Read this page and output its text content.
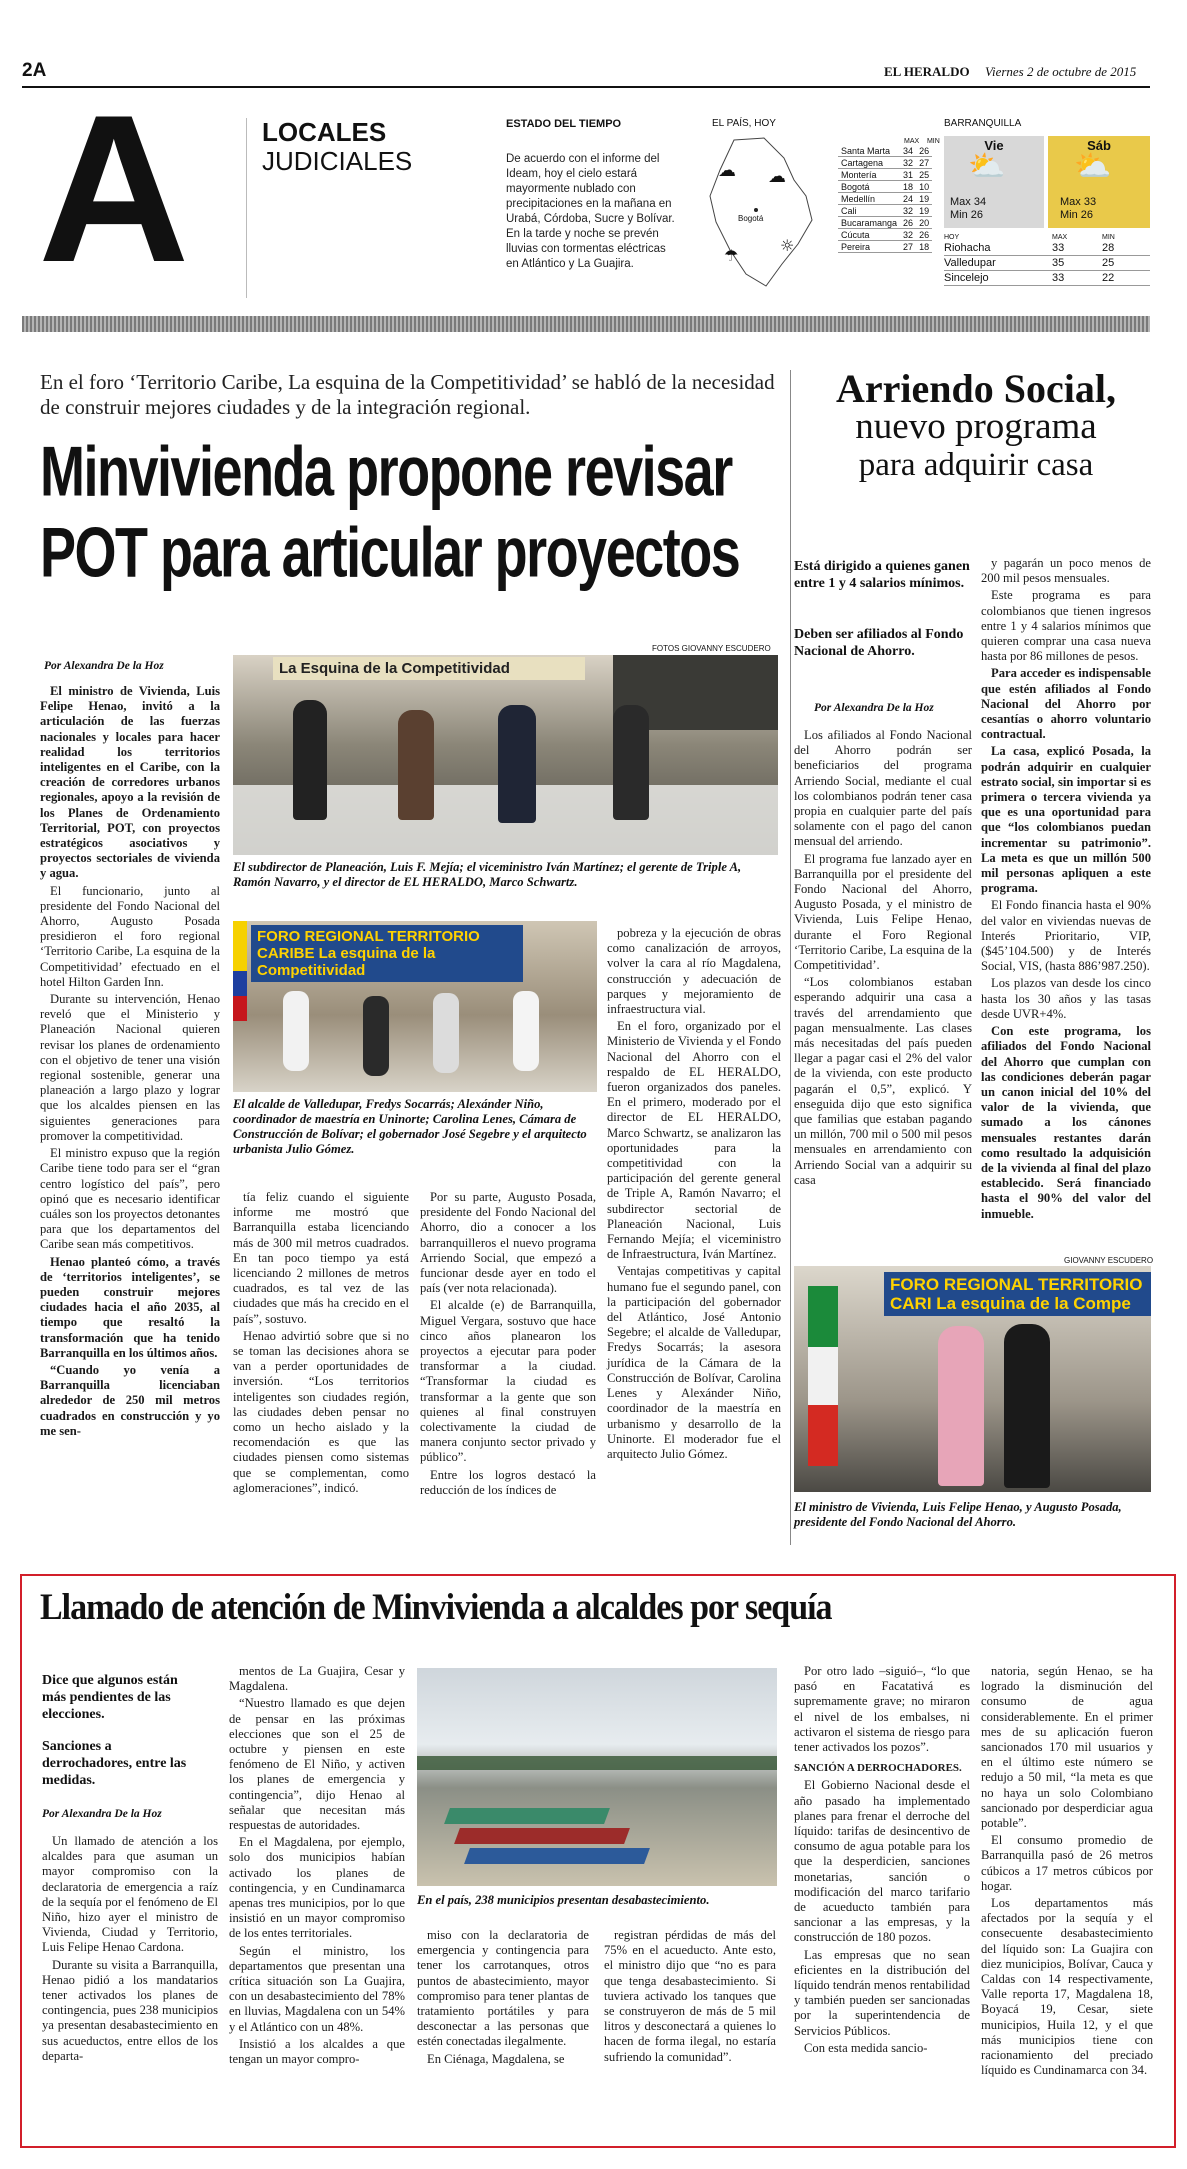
2A	EL HERALDO Viernes 2 de octubre de 2015
A	LOCALES
JUDICIALES
ESTADO DEL TIEMPO
De acuerdo con el informe del Ideam, hoy el cielo estará mayormente nublado con precipitaciones en la mañana en Urabá, Córdoba, Sucre y Bolívar. En la tarde y noche se prevén lluvias con tormentas eléctricas en Atlántico y La Guajira.
EL PAÍS, HOY
Bogotá
☁ ☁
☂
☼
MAX MIN
Santa Marta	34	26
Cartagena	32	27
Montería	31	25
Bogotá	18	10
Medellín	24	19
Cali	32	19
Bucaramanga	26	20
Cúcuta	32	26
Pereira	27	18
BARRANQUILLA
Vie
⛅
Max 34
Min 26
Sáb
⛅
Max 33
Min 26
HOY	MAX	MIN
Riohacha	33	28
Valledupar	35	25
Sincelejo	33	22
En el foro ‘Territorio Caribe, La esquina de la Competitividad’ se habló de la necesidad de construir mejores ciudades y de la integración regional.
Minvivienda propone revisar
POT para articular proyectos
FOTOS GIOVANNY ESCUDERO
La Esquina de la Competitividad
El subdirector de Planeación, Luis F. Mejía; el viceministro Iván Martínez; el gerente de Triple A, Ramón Navarro, y el director de EL HERALDO, Marco Schwartz.
Por Alexandra De la Hoz

El ministro de Vivienda, Luis Felipe Henao, invitó a la articulación de las fuerzas nacionales y locales para hacer realidad los territorios inteligentes en el Caribe, con la creación de corredores urbanos regionales, apoyo a la revisión de los Planes de Ordenamiento Territorial, POT, con proyectos estratégicos asociativos y proyectos sectoriales de vivienda y agua.

El funcionario, junto al presidente del Fondo Nacional del Ahorro, Augusto Posada presidieron el foro regional ‘Territorio Caribe, La esquina de la Competitividad’ efectuado en el hotel Hilton Garden Inn.

Durante su intervención, Henao reveló que el Ministerio y Planeación Nacional quieren revisar los planes de ordenamiento con el objetivo de tener una visión regional sostenible, generar una planeación a largo plazo y lograr que los alcaldes piensen en las siguientes generaciones para promover la competitividad.

El ministro expuso que la región Caribe tiene todo para ser el “gran centro logístico del país”, pero opinó que es necesario identificar cuáles son los proyectos detonantes para que los departamentos del Caribe sean más competitivos.

Henao planteó cómo, a través de ‘territorios inteligentes’, se pueden construir mejores ciudades hacia el año 2035, al tiempo que resaltó la transformación que ha tenido Barranquilla en los últimos años.

“Cuando yo venía a Barranquilla licenciaban alrededor de 250 mil metros cuadrados en construcción y yo me sen-

FORO REGIONAL TERRITORIO CARIBE La esquina de la Competitividad
El alcalde de Valledupar, Fredys Socarrás; Alexánder Niño, coordinador de maestría en Uninorte; Carolina Lenes, Cámara de Construcción de Bolívar; el gobernador José Segebre y el arquitecto urbanista Julio Gómez.

tía feliz cuando el siguiente informe me mostró que Barranquilla estaba licenciando más de 300 mil metros cuadrados. En tan poco tiempo ya está licenciando 2 millones de metros cuadrados, es tal vez de las ciudades que más ha crecido en el país”, sostuvo.

Henao advirtió sobre que si no se toman las decisiones ahora se van a perder oportunidades de inversión. “Los territorios inteligentes son ciudades región, las ciudades deben pensar no como un hecho aislado y la recomendación es que las ciudades piensen como sistemas que se complementan, como aglomeraciones”, indicó.

Por su parte, Augusto Posada, presidente del Fondo Nacional del Ahorro, dio a conocer a los barranquilleros el nuevo programa Arriendo Social, que empezó a funcionar desde ayer en todo el país (ver nota relacionada).

El alcalde (e) de Barranquilla, Miguel Vergara, sostuvo que hace cinco años planearon los proyectos a ejecutar para poder transformar a la ciudad. “Transformar la ciudad es transformar a la gente que son quienes al final construyen colectivamente la ciudad de manera conjunto sector privado y público”.

Entre los logros destacó la reducción de los índices de

pobreza y la ejecución de obras como canalización de arroyos, volver la cara al río Magdalena, construcción y adecuación de parques y mejoramiento de infraestructura vial.

En el foro, organizado por el Ministerio de Vivienda y el Fondo Nacional del Ahorro con el respaldo de EL HERALDO, fueron organizados dos paneles. En el primero, moderado por el director de EL HERALDO, Marco Schwartz, se analizaron las oportunidades para la competitividad con la participación del gerente general de Triple A, Ramón Navarro; el subdirector sectorial de Planeación Nacional, Luis Fernando Mejía; el viceministro de Infraestructura, Iván Martínez.

Ventajas competitivas y capital humano fue el segundo panel, con la participación del gobernador del Atlántico, José Antonio Segebre; el alcalde de Valledupar, Fredys Socarrás; la asesora jurídica de la Cámara de la Construcción de Bolívar, Carolina Lenes y Alexánder Niño, coordinador de la maestría en urbanismo y desarrollo de la Uninorte. El moderador fue el arquitecto Julio Gómez.

Arriendo Social,
nuevo programa
para adquirir casa
Está dirigido a quienes ganen entre 1 y 4 salarios mínimos.
Deben ser afiliados al Fondo Nacional de Ahorro.
Por Alexandra De la Hoz

Los afiliados al Fondo Nacional del Ahorro podrán ser beneficiarios del programa Arriendo Social, mediante el cual los colombianos podrán tener casa propia en cualquier parte del país solamente con el pago del canon mensual del arriendo.

El programa fue lanzado ayer en Barranquilla por el presidente del Fondo Nacional del Ahorro, Augusto Posada, y el ministro de Vivienda, Luis Felipe Henao, durante el Foro Regional ‘Territorio Caribe, La esquina de la Competitividad’.

“Los colombianos estaban esperando adquirir una casa a través del arrendamiento que pagan mensualmente. Las clases más necesitadas del país pueden llegar a pagar casi el 2% del valor de la vivienda, con este producto pagarán el 0,5”, explicó. Y enseguida dijo que esto significa que familias que estaban pagando un millón, 700 mil o 500 mil pesos mensuales en arrendamiento con Arriendo Social van a adquirir su casa

y pagarán un poco menos de 200 mil pesos mensuales.

Este programa es para colombianos que tienen ingresos entre 1 y 4 salarios mínimos que quieren comprar una casa nueva hasta por 86 millones de pesos.

Para acceder es indispensable que estén afiliados al Fondo Nacional del Ahorro por cesantías o ahorro voluntario contractual.

La casa, explicó Posada, la podrán adquirir en cualquier estrato social, sin importar si es primera o tercera vivienda ya que es una oportunidad para que “los colombianos puedan incrementar su patrimonio”. La meta es que un millón 500 mil personas apliquen a este programa.

El Fondo financia hasta el 90% del valor en viviendas nuevas de Interés Prioritario, VIP, ($45’104.500) y de Interés Social, VIS, (hasta 886’987.250).

Los plazos van desde los cinco hasta los 30 años y las tasas desde UVR+4%.

Con este programa, los afiliados del Fondo Nacional del Ahorro que cumplan con las condiciones deberán pagar un canon inicial del 10% del valor de la vivienda, que sumado a los cánones mensuales restantes darán como resultado la adquisición de la vivienda al final del plazo establecido. Será financiado hasta el 90% del valor del inmueble.

GIOVANNY ESCUDERO
FORO REGIONAL TERRITORIO CARI La esquina de la Compe
El ministro de Vivienda, Luis Felipe Henao, y Augusto Posada, presidente del Fondo Nacional del Ahorro.
Llamado de atención de Minvivienda a alcaldes por sequía
Dice que algunos están más pendientes de las elecciones.
Sanciones a derrochadores, entre las medidas.
Por Alexandra De la Hoz

Un llamado de atención a los alcaldes para que asuman un mayor compromiso con la declaratoria de emergencia a raíz de la sequía por el fenómeno de El Niño, hizo ayer el ministro de Vivienda, Ciudad y Territorio, Luis Felipe Henao Cardona.

Durante su visita a Barranquilla, Henao pidió a los mandatarios tener activados los planes de contingencia, pues 238 municipios ya presentan desabastecimiento en sus acueductos, entre ellos de los departa-

mentos de La Guajira, Cesar y Magdalena.

“Nuestro llamado es que dejen de pensar en las próximas elecciones que son el 25 de octubre y piensen en este fenómeno de El Niño, y activen los planes de emergencia y contingencia”, dijo Henao al señalar que necesitan más respuestas de autoridades.

En el Magdalena, por ejemplo, solo dos municipios habían activado los planes de contingencia, y en Cundinamarca apenas tres municipios, por lo que insistió en un mayor compromiso de los entes territoriales.

Según el ministro, los departamentos que presentan una crítica situación son La Guajira, con un desabastecimiento del 78% en lluvias, Magdalena con un 54% y el Atlántico con un 48%.

Insistió a los alcaldes a que tengan un mayor compro-

En el país, 238 municipios presentan desabastecimiento.

miso con la declaratoria de emergencia y contingencia para tener los carrotanques, otros puntos de abastecimiento, mayor compromiso para tener plantas de tratamiento portátiles y para desconectar a las personas que estén conectadas ilegalmente.

En Ciénaga, Magdalena, se

registran pérdidas de más del 75% en el acueducto. Ante esto, el ministro dijo que “no es para que tenga desabastecimiento. Si tuviera activado los tanques que se construyeron de más de 5 mil litros y desconectará a quienes lo hacen de forma ilegal, no estaría sufriendo la comunidad”.

Por otro lado –siguió–, “lo que pasó en Facatativá es supremamente grave; no miraron el nivel de los embalses, ni activaron el sistema de riesgo para tener activados los pozos”.

SANCIÓN A DERROCHADORES.

El Gobierno Nacional desde el año pasado ha implementado planes para frenar el derroche del líquido: tarifas de desincentivo de consumo de agua potable para los que la desperdicien, sanciones monetarias, sanción o modificación del marco tarifario de acueducto también para sancionar a las empresas, y la construcción de 180 pozos.

Las empresas que no sean eficientes en la distribución del líquido tendrán menos rentabilidad y también pueden ser sancionadas por la superintendencia de Servicios Públicos.

Con esta medida sancio-

natoria, según Henao, se ha logrado la disminución del consumo de agua considerablemente. En el primer mes de su aplicación fueron sancionados 170 mil usuarios y en el último este número se redujo a 50 mil, “la meta es que no haya un solo Colombiano sancionado por desperdiciar agua potable”.

El consumo promedio de Barranquilla pasó de 26 metros cúbicos a 17 metros cúbicos por hogar.

Los departamentos más afectados por la sequía y el consecuente desabastecimiento del líquido son: La Guajira con diez municipios, Bolívar, Cauca y Caldas con 14 respectivamente, Valle reporta 17, Magdalena 18, Boyacá 19, Cesar, siete municipios, Huila 12, y el que más municipios tiene con racionamiento del preciado líquido es Cundinamarca con 34.
